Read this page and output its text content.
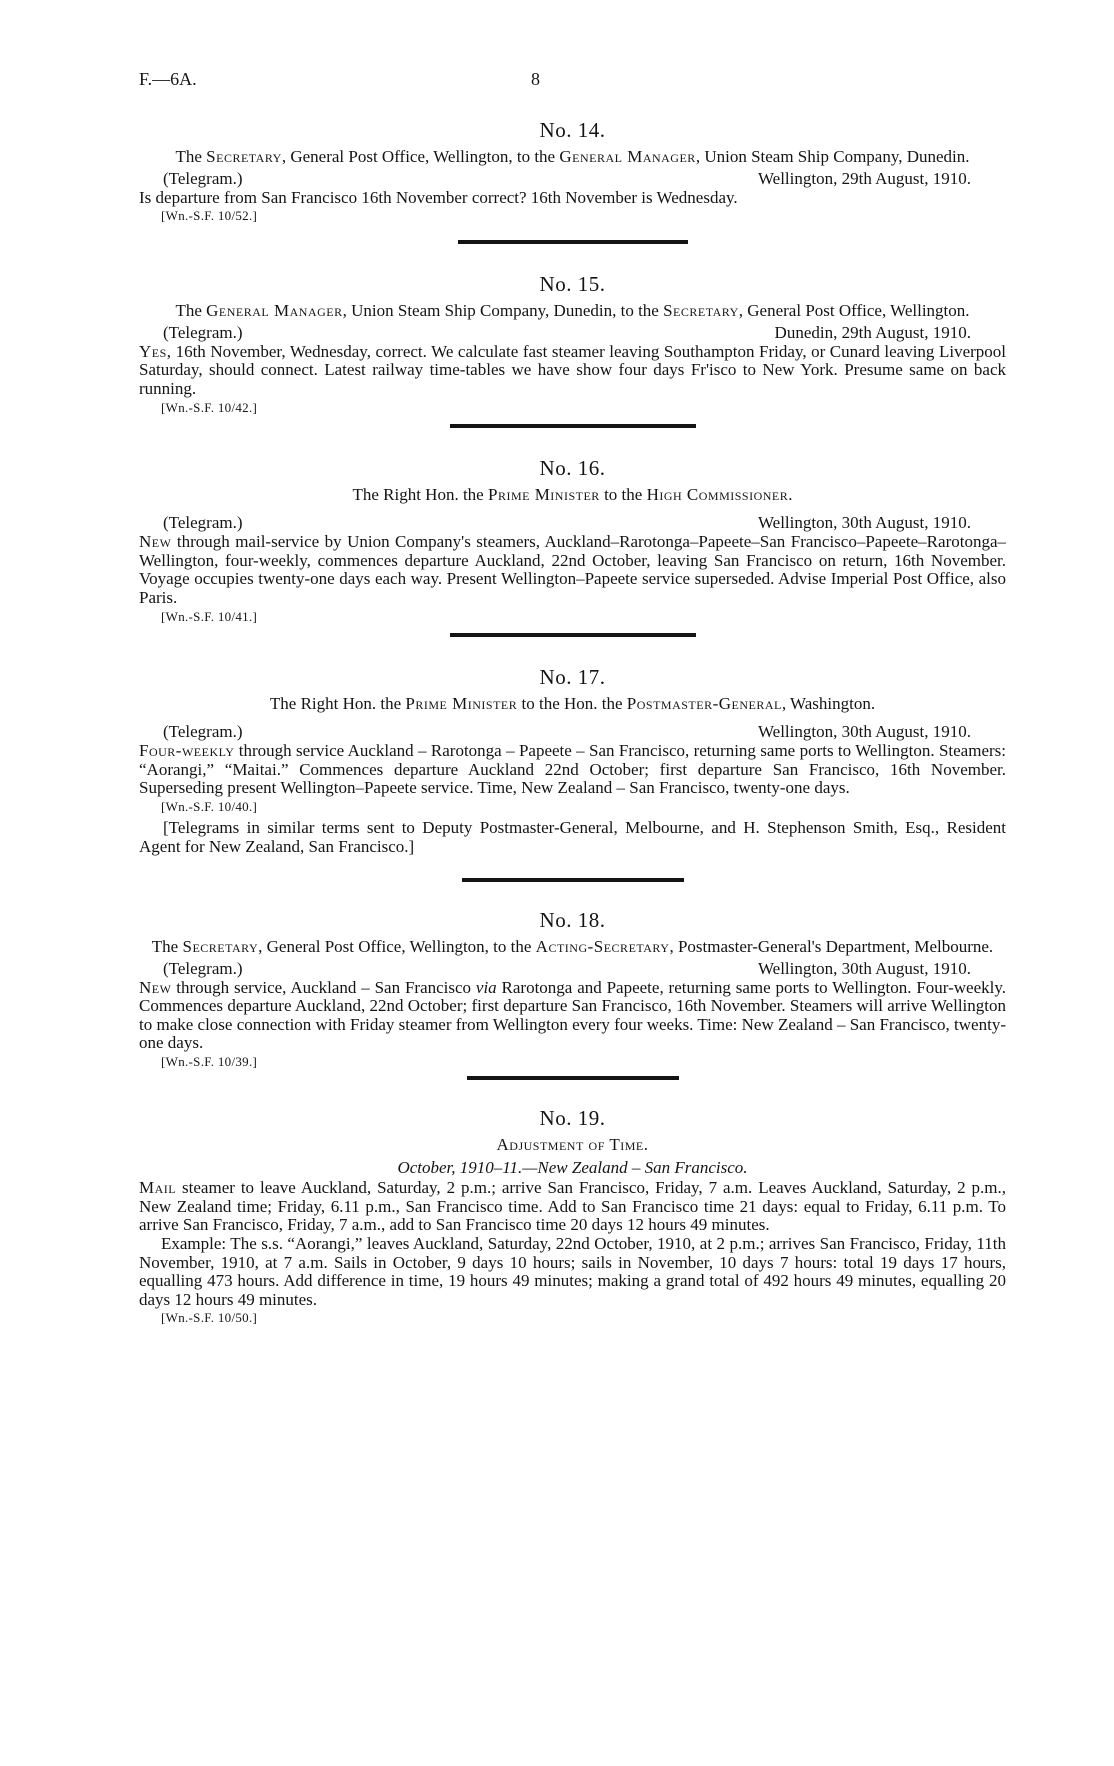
F.—6A.	8
No. 14.

The Secretary, General Post Office, Wellington, to the General Manager, Union Steam Ship Company, Dunedin.

(Telegram.)	Wellington, 29th August, 1910.

Is departure from San Francisco 16th November correct? 16th November is Wednesday.

[Wn.-S.F. 10/52.]
No. 15.

The General Manager, Union Steam Ship Company, Dunedin, to the Secretary, General Post Office, Wellington.

(Telegram.)	Dunedin, 29th August, 1910.

Yes, 16th November, Wednesday, correct. We calculate fast steamer leaving Southampton Friday, or Cunard leaving Liverpool Saturday, should connect. Latest railway time-tables we have show four days Fr'isco to New York. Presume same on back running.

[Wn.-S.F. 10/42.]
No. 16.

The Right Hon. the Prime Minister to the High Commissioner.

(Telegram.)	Wellington, 30th August, 1910.

New through mail-service by Union Company's steamers, Auckland–Rarotonga–Papeete–San Francisco–Papeete–Rarotonga–Wellington, four-weekly, commences departure Auckland, 22nd October, leaving San Francisco on return, 16th November. Voyage occupies twenty-one days each way. Present Wellington–Papeete service superseded. Advise Imperial Post Office, also Paris.

[Wn.-S.F. 10/41.]
No. 17.

The Right Hon. the Prime Minister to the Hon. the Postmaster-General, Washington.

(Telegram.)	Wellington, 30th August, 1910.

Four-weekly through service Auckland – Rarotonga – Papeete – San Francisco, returning same ports to Wellington. Steamers: “Aorangi,” “Maitai.” Commences departure Auckland 22nd October; first departure San Francisco, 16th November. Superseding present Wellington–Papeete service. Time, New Zealand – San Francisco, twenty-one days.

[Wn.-S.F. 10/40.]

[Telegrams in similar terms sent to Deputy Postmaster-General, Melbourne, and H. Stephenson Smith, Esq., Resident Agent for New Zealand, San Francisco.]

No. 18.

The Secretary, General Post Office, Wellington, to the Acting-Secretary, Postmaster-General's Department, Melbourne.

(Telegram.)	Wellington, 30th August, 1910.

New through service, Auckland – San Francisco via Rarotonga and Papeete, returning same ports to Wellington. Four-weekly. Commences departure Auckland, 22nd October; first departure San Francisco, 16th November. Steamers will arrive Wellington to make close connection with Friday steamer from Wellington every four weeks. Time: New Zealand – San Francisco, twenty-one days.

[Wn.-S.F. 10/39.]
No. 19.

Adjustment of Time.

October, 1910–11.—New Zealand – San Francisco.

Mail steamer to leave Auckland, Saturday, 2 p.m.; arrive San Francisco, Friday, 7 a.m. Leaves Auckland, Saturday, 2 p.m., New Zealand time; Friday, 6.11 p.m., San Francisco time. Add to San Francisco time 21 days: equal to Friday, 6.11 p.m. To arrive San Francisco, Friday, 7 a.m., add to San Francisco time 20 days 12 hours 49 minutes.

Example: The s.s. “Aorangi,” leaves Auckland, Saturday, 22nd October, 1910, at 2 p.m.; arrives San Francisco, Friday, 11th November, 1910, at 7 a.m. Sails in October, 9 days 10 hours; sails in November, 10 days 7 hours: total 19 days 17 hours, equalling 473 hours. Add difference in time, 19 hours 49 minutes; making a grand total of 492 hours 49 minutes, equalling 20 days 12 hours 49 minutes.

[Wn.-S.F. 10/50.]
